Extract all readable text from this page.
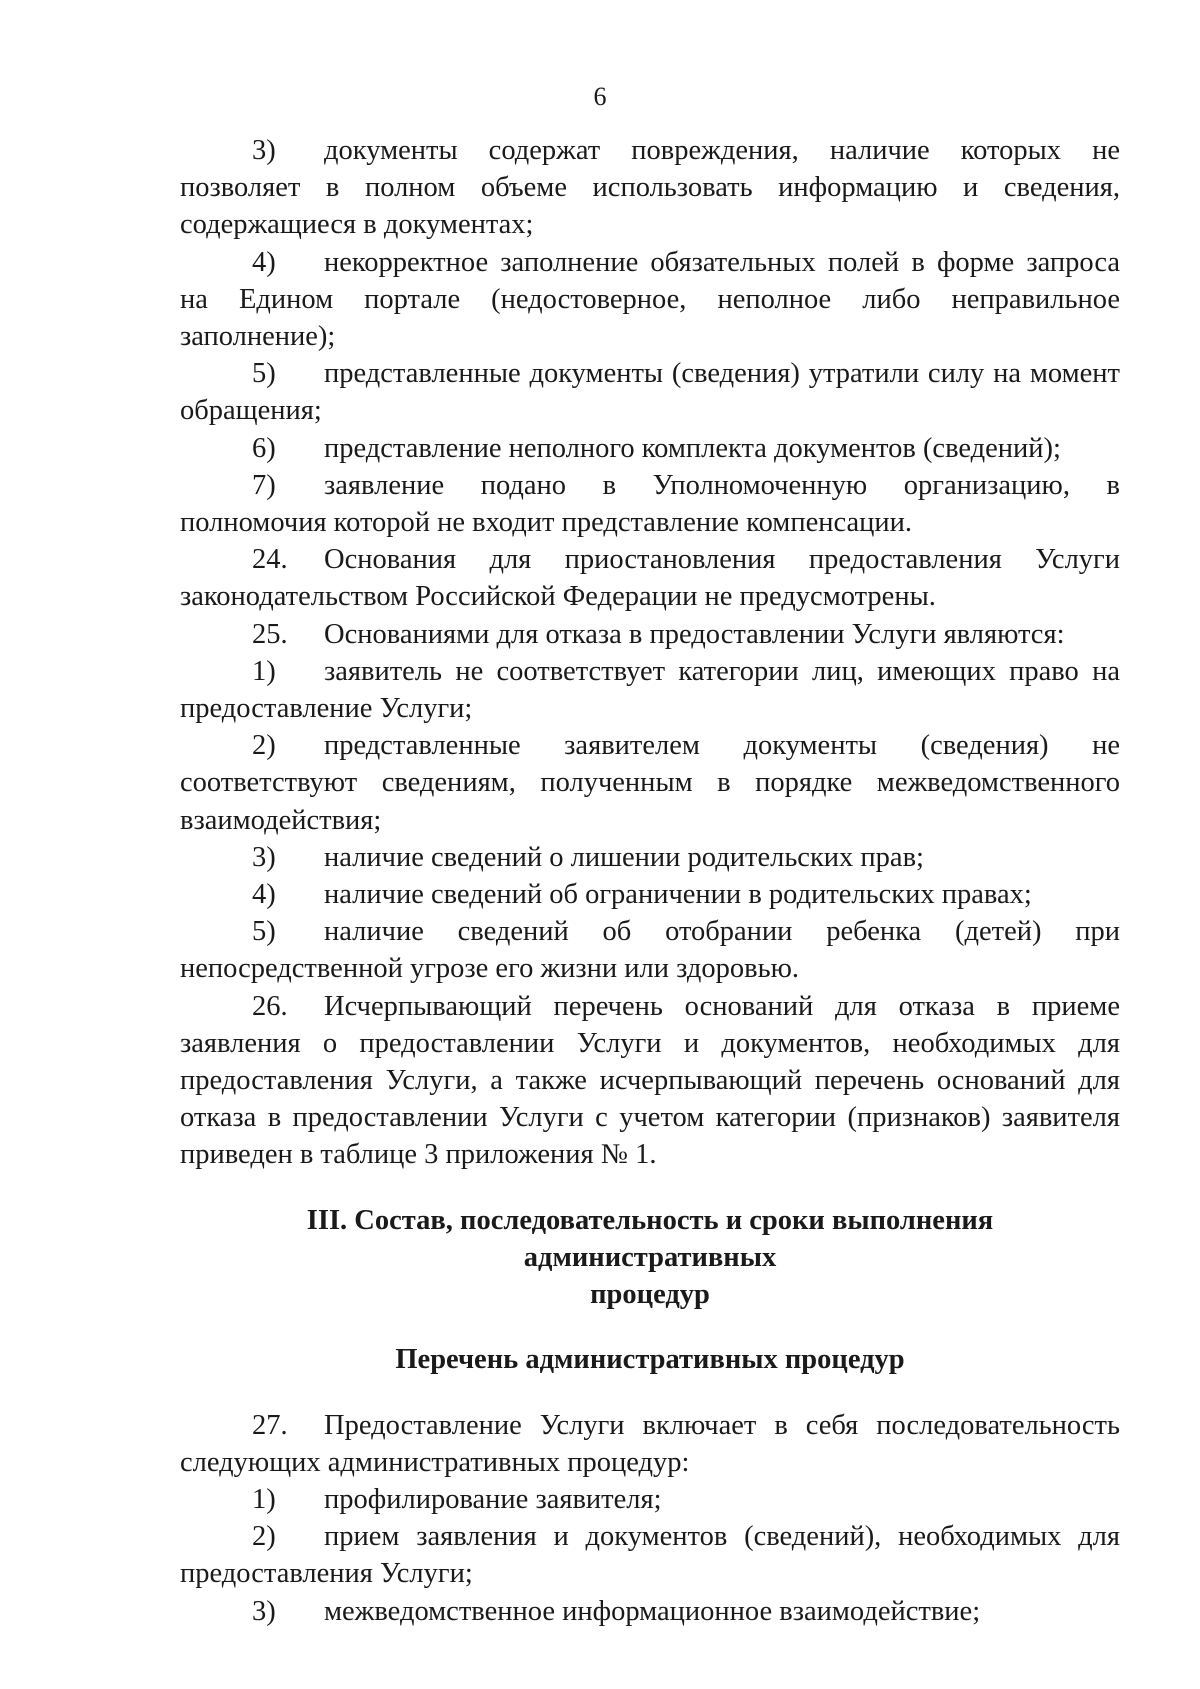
6

3) документы содержат повреждения, наличие которых не позволяет в полном объеме использовать информацию и сведения, содержащиеся в документах;

4) некорректное заполнение обязательных полей в форме запроса на Едином портале (недостоверное, неполное либо неправильное заполнение);

5) представленные документы (сведения) утратили силу на момент обращения;

6) представление неполного комплекта документов (сведений);

7) заявление подано в Уполномоченную организацию, в полномочия которой не входит представление компенсации.

24. Основания для приостановления предоставления Услуги законодательством Российской Федерации не предусмотрены.

25. Основаниями для отказа в предоставлении Услуги являются:

1) заявитель не соответствует категории лиц, имеющих право на предоставление Услуги;

2) представленные заявителем документы (сведения) не соответствуют сведениям, полученным в порядке межведомственного взаимодействия;

3) наличие сведений о лишении родительских прав;

4) наличие сведений об ограничении в родительских правах;

5) наличие сведений об отобрании ребенка (детей) при непосредственной угрозе его жизни или здоровью.

26. Исчерпывающий перечень оснований для отказа в приеме заявления о предоставлении Услуги и документов, необходимых для предоставления Услуги, а также исчерпывающий перечень оснований для отказа в предоставлении Услуги с учетом категории (признаков) заявителя приведен в таблице 3 приложения № 1.

III. Состав, последовательность и сроки выполнения административных
процедур

Перечень административных процедур

27. Предоставление Услуги включает в себя последовательность следующих административных процедур:

1) профилирование заявителя;

2) прием заявления и документов (сведений), необходимых для предоставления Услуги;

3) межведомственное информационное взаимодействие;
